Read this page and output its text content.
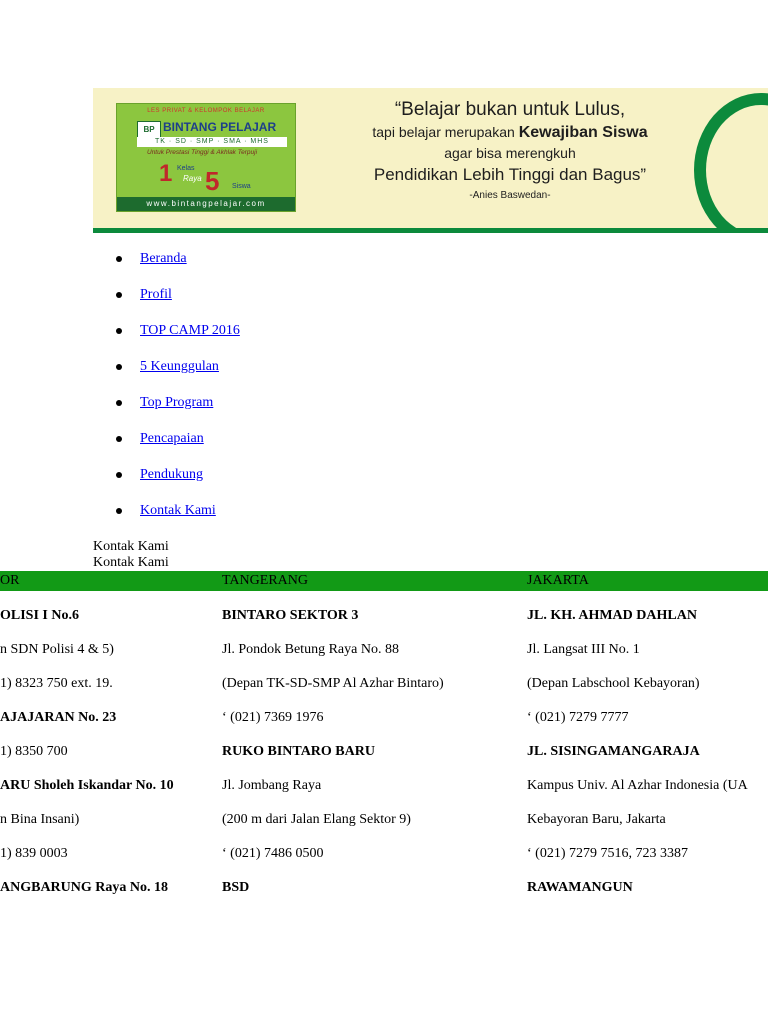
LES PRIVAT & KELOMPOK BELAJAR
BP BINTANG PELAJAR
TK · SD · SMP · SMA · MHS
Untuk Prestasi Tinggi & Akhlak Terpuji
1 Kelas
Raya 5 Siswa
www.bintangpelajar.com
“Belajar bukan untuk Lulus,
tapi belajar merupakan Kewajiban Siswa
agar bisa merengkuh
Pendidikan Lebih Tinggi dan Bagus”
-Anies Baswedan-
Beranda
Profil
TOP CAMP 2016
5 Keunggulan
Top Program
Pencapaian
Pendukung
Kontak Kami
Kontak Kami
Kontak Kami
OR	TANGERANG	JAKARTA
OLISI I No.6	BINTARO SEKTOR 3	JL. KH. AHMAD DAHLAN
n SDN Polisi 4 & 5)	Jl. Pondok Betung Raya No. 88	Jl. Langsat III No. 1
1) 8323 750 ext. 19.	(Depan TK-SD-SMP Al Azhar Bintaro)	(Depan Labschool Kebayoran)
AJAJARAN No. 23	‘ (021) 7369 1976	‘ (021) 7279 7777
1) 8350 700	RUKO BINTARO BARU	JL. SISINGAMANGARAJA
ARU Sholeh Iskandar No. 10	Jl. Jombang Raya	Kampus Univ. Al Azhar Indonesia (UA
n Bina Insani)	(200 m dari Jalan Elang Sektor 9)	Kebayoran Baru, Jakarta
1) 839 0003	‘ (021) 7486 0500	‘ (021) 7279 7516, 723 3387
ANGBARUNG Raya No. 18	BSD	RAWAMANGUN
